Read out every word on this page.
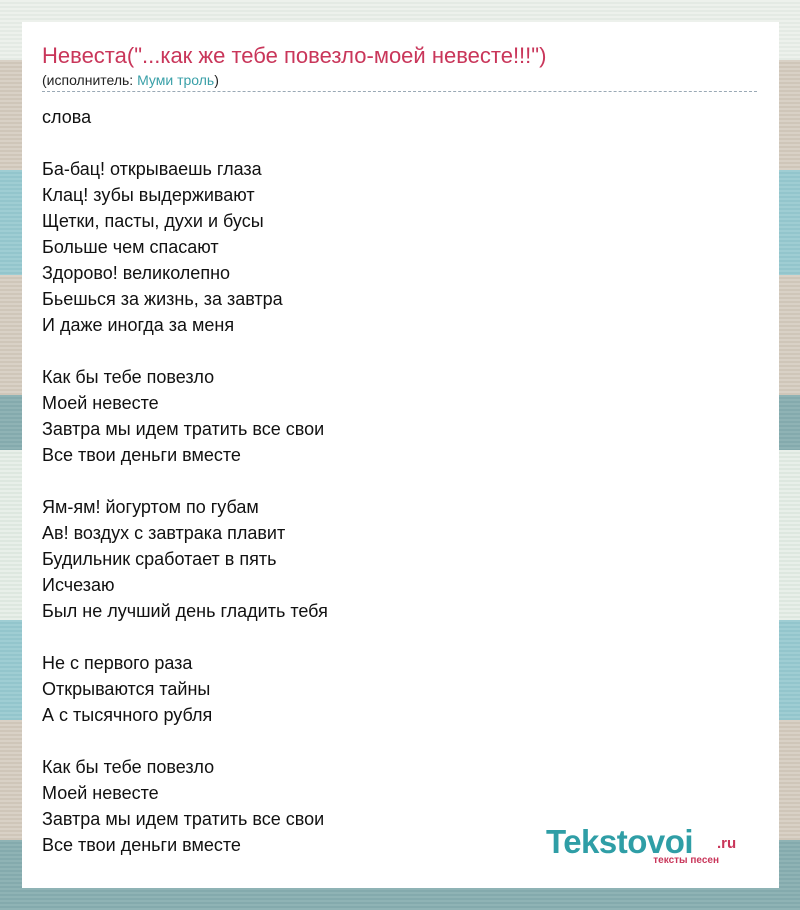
Невеста("...как же тебе повезло-моей невесте!!!")
(исполнитель: Муми троль)
слова
Ба-бац! открываешь глаза
Клац! зубы выдерживают
Щетки, пасты, духи и бусы
Больше чем спасают
Здорово! великолепно
Бьешься за жизнь, за завтра
И даже иногда за меня
Как бы тебе повезло
Моей невесте
Завтра мы идем тратить все свои
Все твои деньги вместе
Ям-ям! йогуртом по губам
Ав! воздух с завтрака плавит
Будильник сработает в пять
Исчезаю
Был не лучший день гладить тебя
Не с первого раза
Открываются тайны
А с тысячного рубля
Как бы тебе повезло
Моей невесте
Завтра мы идем тратить все свои
Все твои деньги вместе	Tekstovoi .ru
тексты песен
